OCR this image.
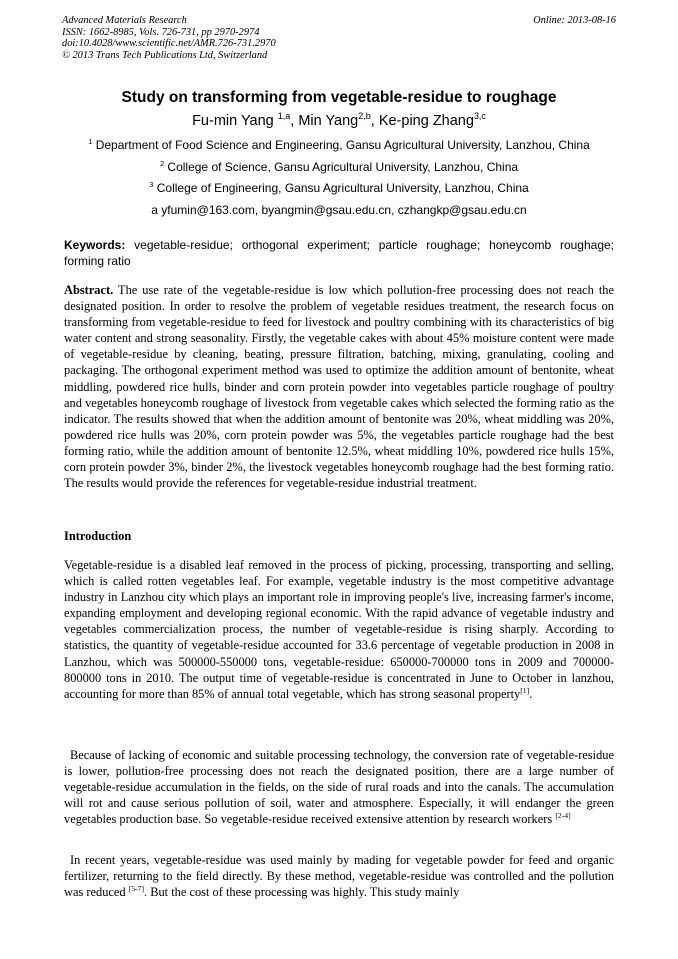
Advanced Materials Research
ISSN: 1662-8985, Vols. 726-731, pp 2970-2974
doi:10.4028/www.scientific.net/AMR.726-731.2970
© 2013 Trans Tech Publications Ltd, Switzerland
Online: 2013-08-16
Study on transforming from vegetable-residue to roughage
Fu-min Yang $^{1,a}$, Min Yang$^{2,b}$, Ke-ping Zhang$^{3,c}$
$^1$ Department of Food Science and Engineering, Gansu Agricultural University, Lanzhou, China
$^2$ College of Science, Gansu Agricultural University, Lanzhou, China
$^3$ College of Engineering, Gansu Agricultural University, Lanzhou, China
a yfumin@163.com, byangmin@gsau.edu.cn, czhangkp@gsau.edu.cn
Keywords: vegetable-residue; orthogonal experiment; particle roughage; honeycomb roughage; forming ratio
Abstract. The use rate of the vegetable-residue is low which pollution-free processing does not reach the designated position. In order to resolve the problem of vegetable residues treatment, the research focus on transforming from vegetable-residue to feed for livestock and poultry combining with its characteristics of big water content and strong seasonality. Firstly, the vegetable cakes with about 45% moisture content were made of vegetable-residue by cleaning, beating, pressure filtration, batching, mixing, granulating, cooling and packaging. The orthogonal experiment method was used to optimize the addition amount of bentonite, wheat middling, powdered rice hulls, binder and corn protein powder into vegetables particle roughage of poultry and vegetables honeycomb roughage of livestock from vegetable cakes which selected the forming ratio as the indicator. The results showed that when the addition amount of bentonite was 20%, wheat middling was 20%, powdered rice hulls was 20%, corn protein powder was 5%, the vegetables particle roughage had the best forming ratio, while the addition amount of bentonite 12.5%, wheat middling 10%, powdered rice hulls 15%, corn protein powder 3%, binder 2%, the livestock vegetables honeycomb roughage had the best forming ratio. The results would provide the references for vegetable-residue industrial treatment.
Introduction
Vegetable-residue is a disabled leaf removed in the process of picking, processing, transporting and selling, which is called rotten vegetables leaf. For example, vegetable industry is the most competitive advantage industry in Lanzhou city which plays an important role in improving people's live, increasing farmer's income, expanding employment and developing regional economic. With the rapid advance of vegetable industry and vegetables commercialization process, the number of vegetable-residue is rising sharply. According to statistics, the quantity of vegetable-residue accounted for 33.6 percentage of vegetable production in 2008 in Lanzhou, which was 500000-550000 tons, vegetable-residue: 650000-700000 tons in 2009 and 700000-800000 tons in 2010. The output time of vegetable-residue is concentrated in June to October in lanzhou, accounting for more than 85% of annual total vegetable, which has strong seasonal property[1].
Because of lacking of economic and suitable processing technology, the conversion rate of vegetable-residue is lower, pollution-free processing does not reach the designated position, there are a large number of vegetable-residue accumulation in the fields, on the side of rural roads and into the canals. The accumulation will rot and cause serious pollution of soil, water and atmosphere. Especially, it will endanger the green vegetables production base. So vegetable-residue received extensive attention by research workers [2-4]
In recent years, vegetable-residue was used mainly by mading for vegetable powder for feed and organic fertilizer, returning to the field directly. By these method, vegetable-residue was controlled and the pollution was reduced [5-7]. But the cost of these processing was highly. This study mainly
